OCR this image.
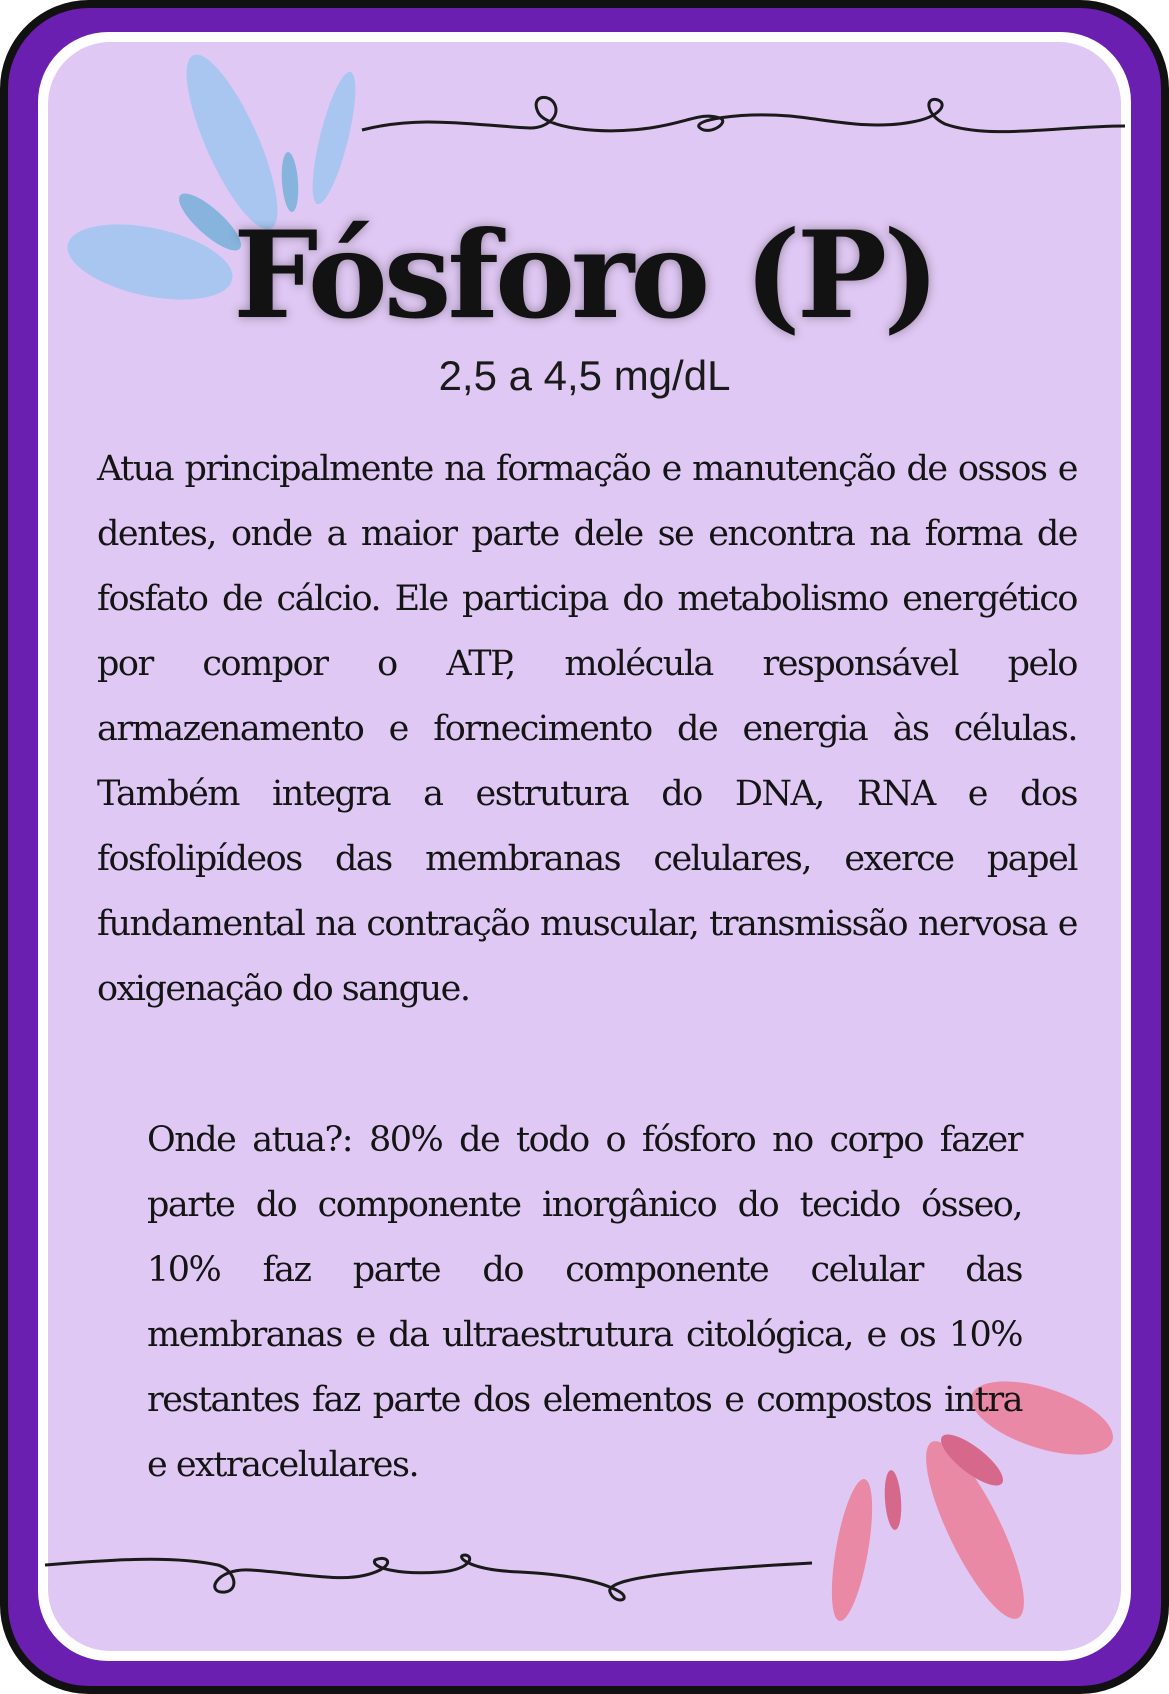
Fósforo (P)
2,5 a 4,5 mg/dL

Atua principalmente na formação e manutenção de ossos e dentes, onde a maior parte dele se encontra na forma de fosfato de cálcio. Ele participa do metabolismo energético por compor o ATP, molécula responsável pelo armazenamento e fornecimento de energia às células. Também integra a estrutura do DNA, RNA e dos fosfolipídeos das membranas celulares, exerce papel fundamental na contração muscular, transmissão nervosa e oxigenação do sangue.

Onde atua?: 80% de todo o fósforo no corpo fazer parte do componente inorgânico do tecido ósseo, 10% faz parte do componente celular das membranas e da ultraestrutura citológica, e os 10% restantes faz parte dos elementos e compostos intra e extracelulares.
